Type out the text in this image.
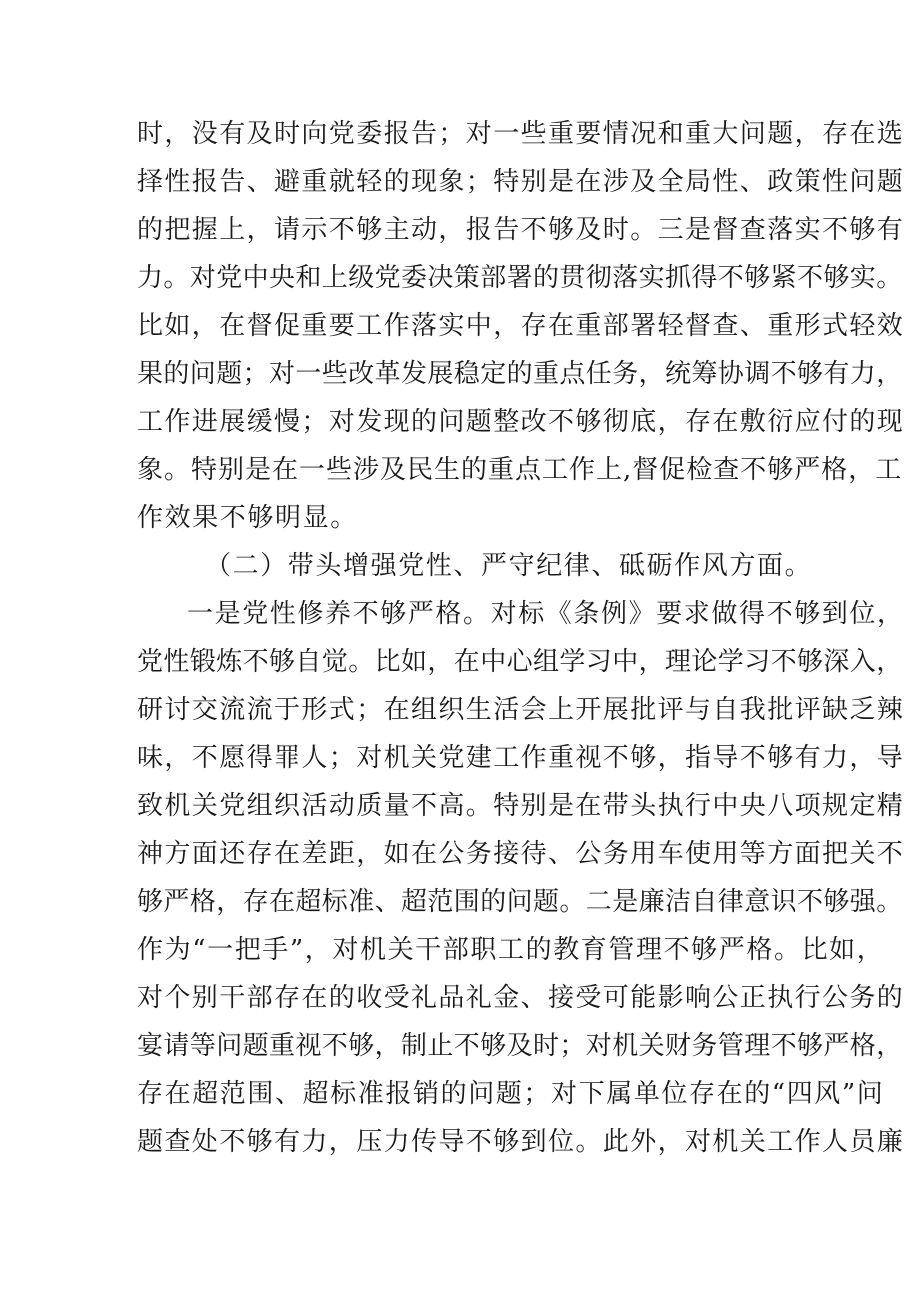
时，没有及时向党委报告；对一些重要情况和重大问题，存在选

择性报告、避重就轻的现象；特别是在涉及全局性、政策性问题

的把握上，请示不够主动，报告不够及时。三是督查落实不够有

力。对党中央和上级党委决策部署的贯彻落实抓得不够紧不够实。

比如，在督促重要工作落实中，存在重部署轻督查、重形式轻效

果的问题；对一些改革发展稳定的重点任务，统筹协调不够有力，

工作进展缓慢；对发现的问题整改不够彻底，存在敷衍应付的现

象。特别是在一些涉及民生的重点工作上,督促检查不够严格，工

作效果不够明显。

（二）带头增强党性、严守纪律、砥砺作风方面。

一是党性修养不够严格。对标《条例》要求做得不够到位，

党性锻炼不够自觉。比如，在中心组学习中，理论学习不够深入，

研讨交流流于形式；在组织生活会上开展批评与自我批评缺乏辣

味，不愿得罪人；对机关党建工作重视不够，指导不够有力，导

致机关党组织活动质量不高。特别是在带头执行中央八项规定精

神方面还存在差距，如在公务接待、公务用车使用等方面把关不

够严格，存在超标准、超范围的问题。二是廉洁自律意识不够强。

作为“一把手”，对机关干部职工的教育管理不够严格。比如，

对个别干部存在的收受礼品礼金、接受可能影响公正执行公务的

宴请等问题重视不够，制止不够及时；对机关财务管理不够严格，

存在超范围、超标准报销的问题；对下属单位存在的“四风”问

题查处不够有力，压力传导不够到位。此外，对机关工作人员廉
